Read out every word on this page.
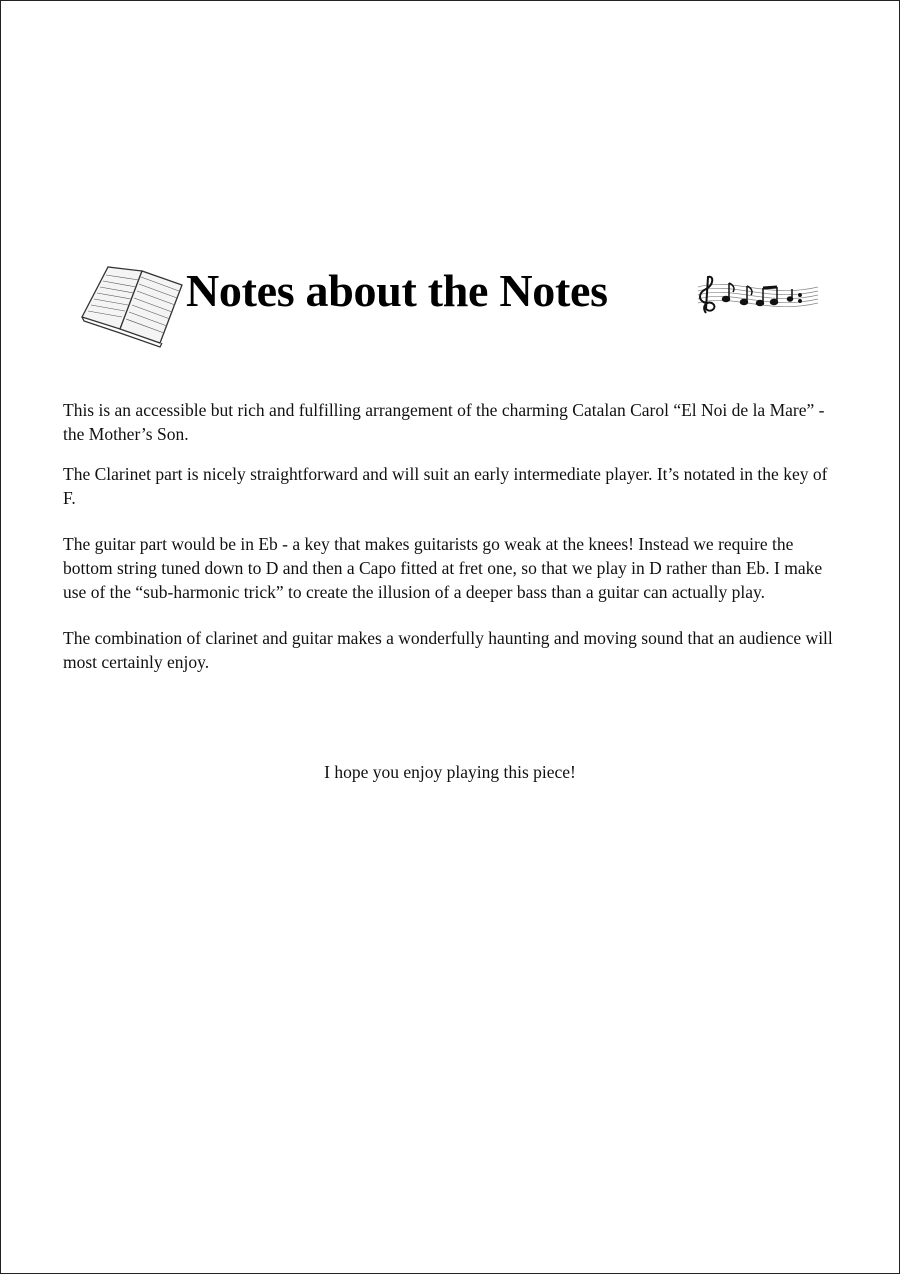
Notes about the Notes

This is an accessible but rich and fulfilling arrangement of the charming Catalan Carol “El Noi de la Mare” - the Mother’s Son.

The Clarinet part is nicely straightforward and will suit an early intermediate player. It’s notated in the key of F.

The guitar part would be in Eb - a key that makes guitarists go weak at the knees! Instead we require the bottom string tuned down to D and then a Capo fitted at fret one, so that we play in D rather than Eb. I make use of the “sub-harmonic trick” to create the illusion of a deeper bass than a guitar can actually play.

The combination of clarinet and guitar makes a wonderfully haunting and moving sound that an audience will most certainly enjoy.

I hope you enjoy playing this piece!
